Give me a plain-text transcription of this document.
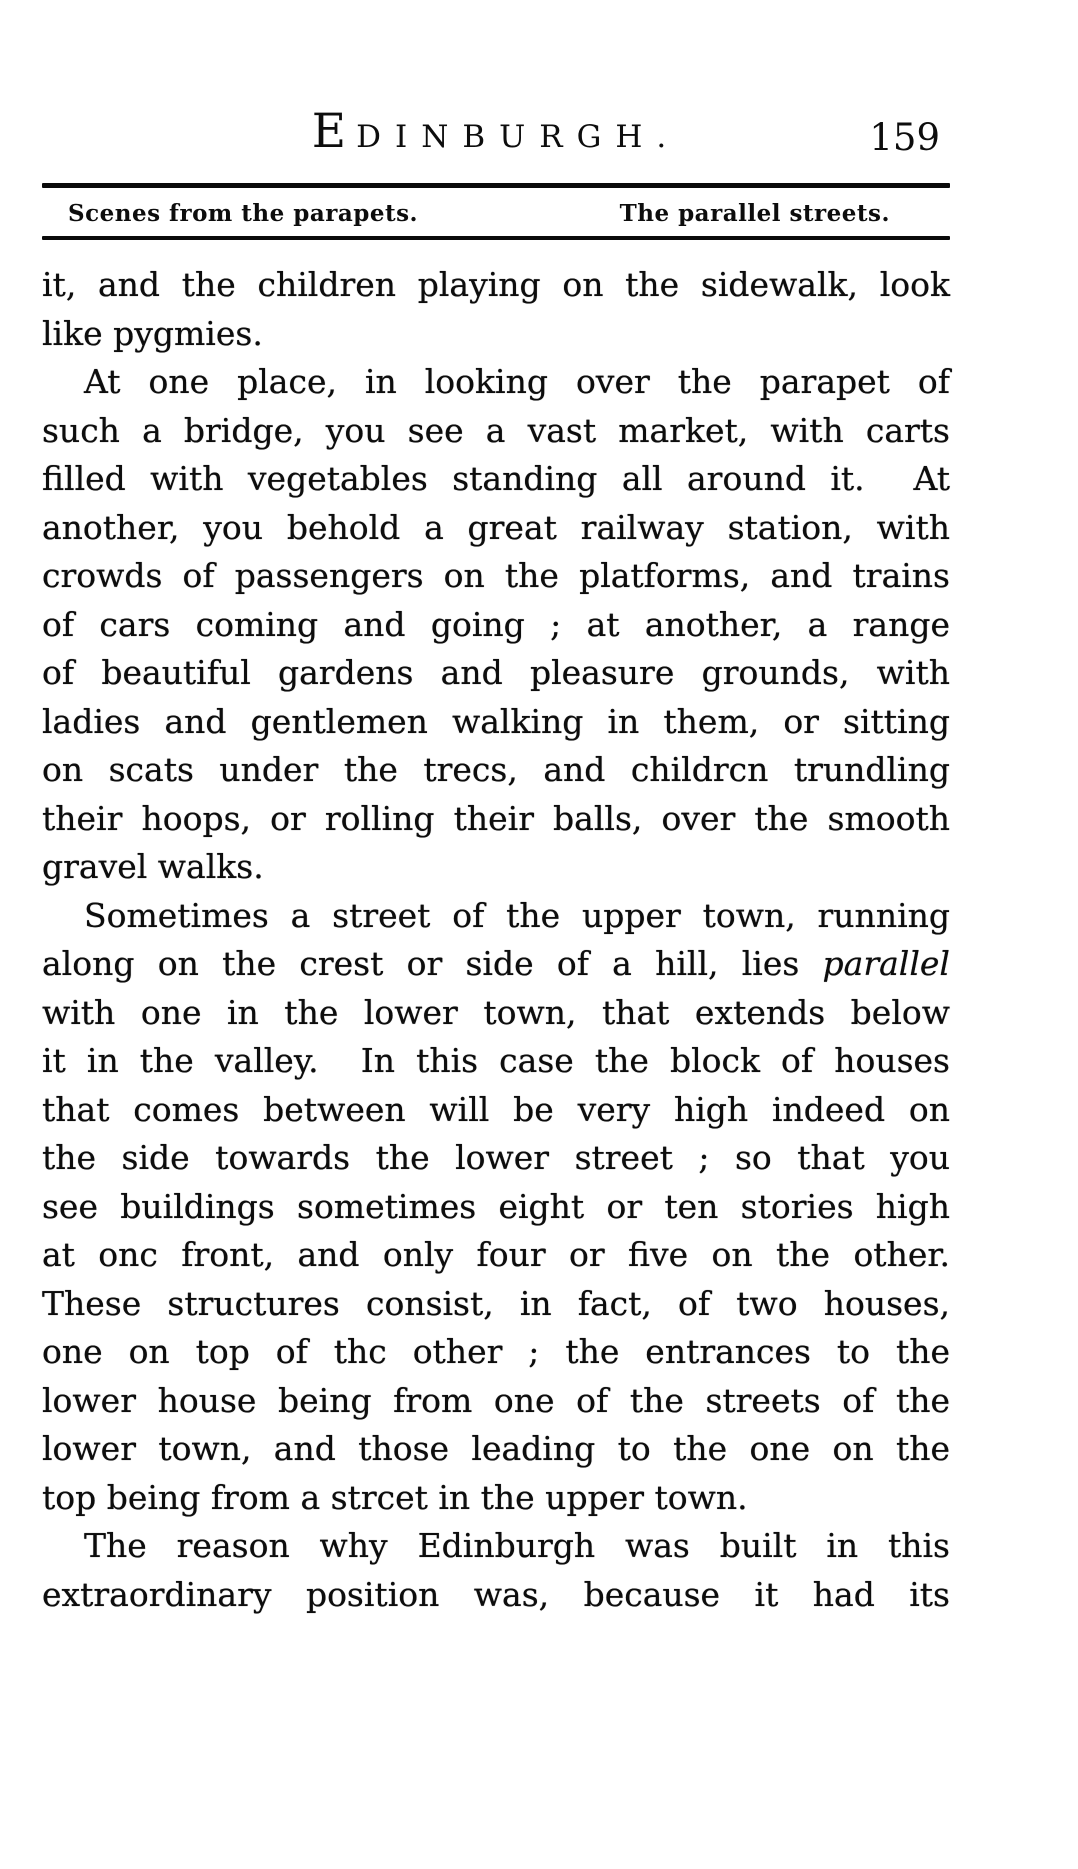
EDINBURGH.	159
Scenes from the parapets.	The parallel streets.
it, and the children playing on the sidewalk, look
like pygmies.
At one place, in looking over the parapet of
such a bridge, you see a vast market, with carts
filled with vegetables standing all around it.  At
another, you behold a great railway station, with
crowds of passengers on the platforms, and trains
of cars coming and going ; at another, a range
of beautiful gardens and pleasure grounds, with
ladies and gentlemen walking in them, or sitting
on scats under the trecs, and childrcn trundling
their hoops, or rolling their balls, over the smooth
gravel walks.
Sometimes a street of the upper town, running
along on the crest or side of a hill, lies parallel
with one in the lower town, that extends below
it in the valley.  In this case the block of houses
that comes between will be very high indeed on
the side towards the lower street ; so that you
see buildings sometimes eight or ten stories high
at onc front, and only four or five on the other.
These structures consist, in fact, of two houses,
one on top of thc other ; the entrances to the
lower house being from one of the streets of the
lower town, and those leading to the one on the
top being from a strcet in the upper town.
The reason why Edinburgh was built in this
extraordinary position was, because it had its
